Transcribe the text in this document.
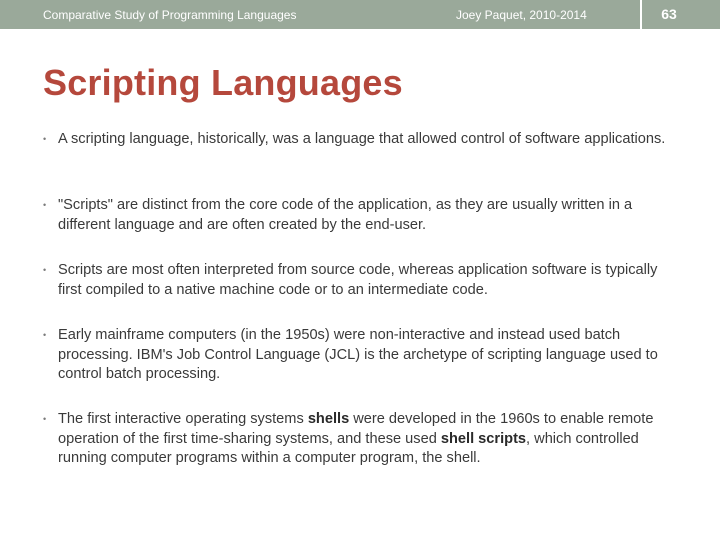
Comparative Study of Programming Languages	Joey Paquet, 2010-2014	63
Scripting Languages
• A scripting language, historically, was a language that allowed control of software applications.
• "Scripts" are distinct from the core code of the application, as they are usually written in a different language and are often created by the end-user.
• Scripts are most often interpreted from source code, whereas application software is typically first compiled to a native machine code or to an intermediate code.
• Early mainframe computers (in the 1950s) were non-interactive and instead used batch processing. IBM's Job Control Language (JCL) is the archetype of scripting language used to control batch processing.
• The first interactive operating systems shells were developed in the 1960s to enable remote operation of the first time-sharing systems, and these used shell scripts, which controlled running computer programs within a computer program, the shell.
